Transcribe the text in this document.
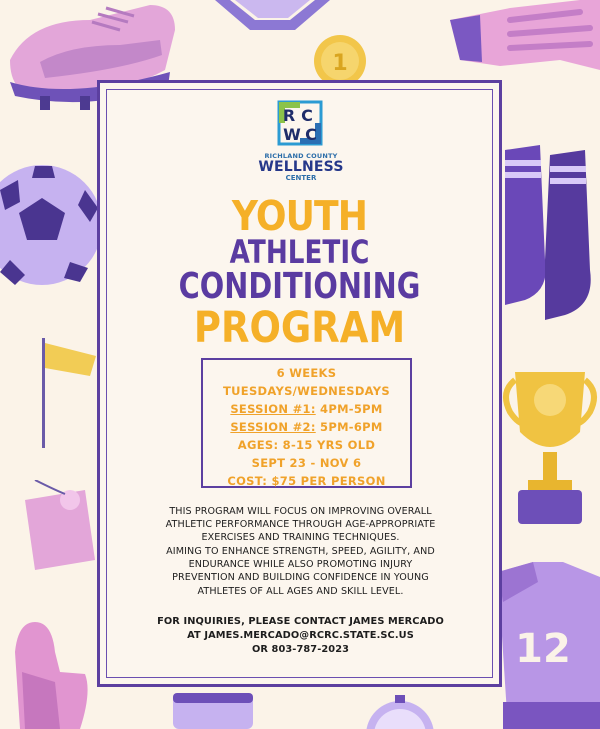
1
12
R C
W C
RICHLAND COUNTY
WELLNESS
CENTER
YOUTH
ATHLETIC
CONDITIONING
PROGRAM
6 WEEKS
TUESDAYS/WEDNESDAYS
SESSION #1: 4PM-5PM
SESSION #2: 5PM-6PM
AGES: 8-15 YRS OLD
SEPT 23 - NOV 6
COST: $75 PER PERSON
THIS PROGRAM WILL FOCUS ON IMPROVING OVERALL
ATHLETIC PERFORMANCE THROUGH AGE-APPROPRIATE
EXERCISES AND TRAINING TECHNIQUES.
AIMING TO ENHANCE STRENGTH, SPEED, AGILITY, AND
ENDURANCE WHILE ALSO PROMOTING INJURY
PREVENTION AND BUILDING CONFIDENCE IN YOUNG
ATHLETES OF ALL AGES AND SKILL LEVEL.
FOR INQUIRIES, PLEASE CONTACT JAMES MERCADO
AT JAMES.MERCADO@RCRC.STATE.SC.US
OR 803-787-2023
